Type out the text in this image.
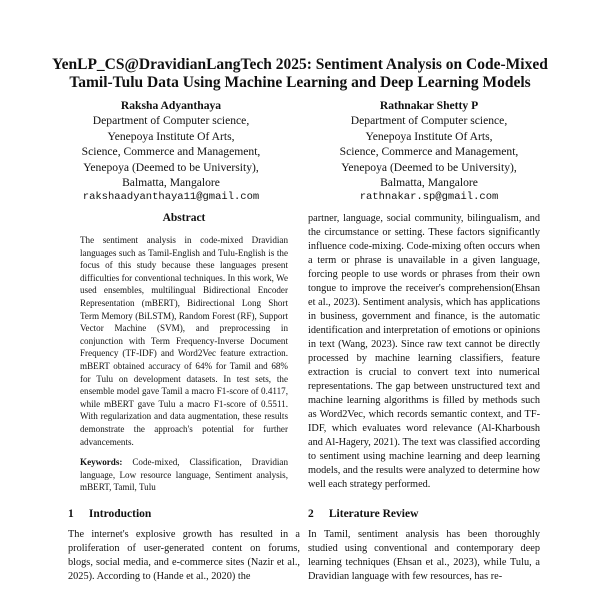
YenLP_CS@DravidianLangTech 2025: Sentiment Analysis on Code-Mixed Tamil-Tulu Data Using Machine Learning and Deep Learning Models
Raksha Adyanthaya
Department of Computer science,
Yenepoya Institute Of Arts,
Science, Commerce and Management,
Yenepoya (Deemed to be University),
Balmatta, Mangalore
rakshaadyanthaya11@gmail.com
Rathnakar Shetty P
Department of Computer science,
Yenepoya Institute Of Arts,
Science, Commerce and Management,
Yenepoya (Deemed to be University),
Balmatta, Mangalore
rathnakar.sp@gmail.com
Abstract

The sentiment analysis in code-mixed Dravidian languages such as Tamil-English and Tulu-English is the focus of this study because these languages present difficulties for conventional techniques. In this work, We used ensembles, multilingual Bidirectional Encoder Representation (mBERT), Bidirectional Long Short Term Memory (BiLSTM), Random Forest (RF), Support Vector Machine (SVM), and preprocessing in conjunction with Term Frequency-Inverse Document Frequency (TF-IDF) and Word2Vec feature extraction. mBERT obtained accuracy of 64% for Tamil and 68% for Tulu on development datasets. In test sets, the ensemble model gave Tamil a macro F1-score of 0.4117, while mBERT gave Tulu a macro F1-score of 0.5511. With regularization and data augmentation, these results demonstrate the approach's potential for further advancements.

Keywords: Code-mixed, Classification, Dravidian language, Low resource language, Sentiment analysis, mBERT, Tamil, Tulu

1 Introduction

The internet's explosive growth has resulted in a proliferation of user-generated content on forums, blogs, social media, and e-commerce sites (Nazir et al., 2025). According to (Hande et al., 2020) the

partner, language, social community, bilingualism, and the circumstance or setting. These factors significantly influence code-mixing. Code-mixing often occurs when a term or phrase is unavailable in a given language, forcing people to use words or phrases from their own tongue to improve the receiver's comprehension(Ehsan et al., 2023). Sentiment analysis, which has applications in business, government and finance, is the automatic identification and interpretation of emotions or opinions in text (Wang, 2023). Since raw text cannot be directly processed by machine learning classifiers, feature extraction is crucial to convert text into numerical representations. The gap between unstructured text and machine learning algorithms is filled by methods such as Word2Vec, which records semantic context, and TF-IDF, which evaluates word relevance (Al-Kharboush and Al-Hagery, 2021). The text was classified according to sentiment using machine learning and deep learning models, and the results were analyzed to determine how well each strategy performed.

2 Literature Review

In Tamil, sentiment analysis has been thoroughly studied using conventional and contemporary deep learning techniques (Ehsan et al., 2023), while Tulu, a Dravidian language with few resources, has re-
